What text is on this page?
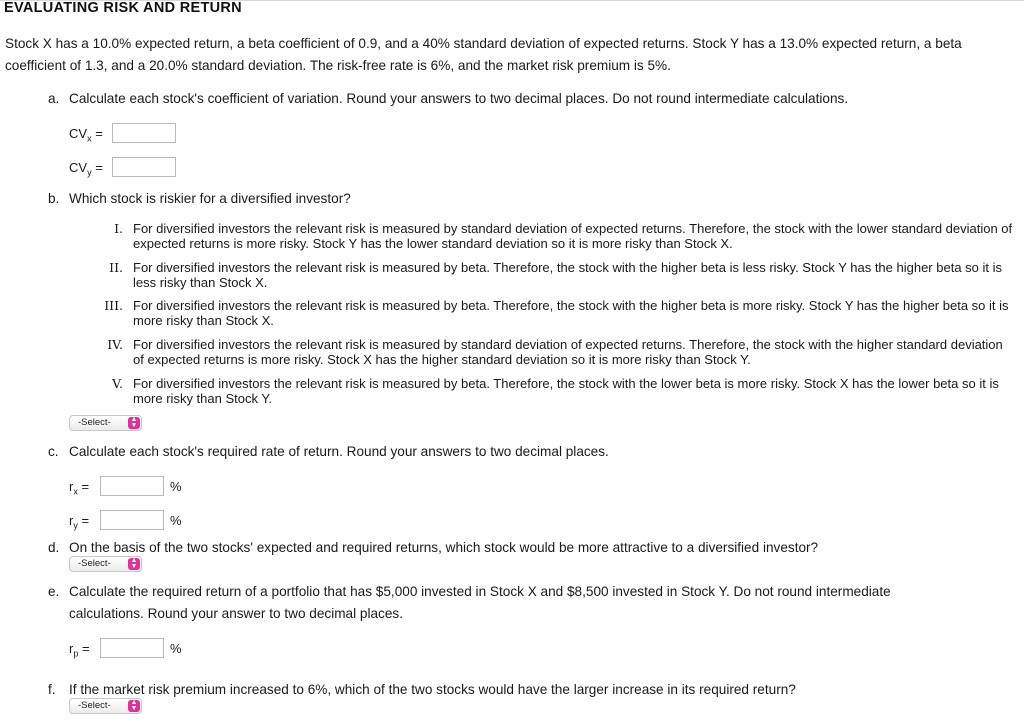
EVALUATING RISK AND RETURN
Stock X has a 10.0% expected return, a beta coefficient of 0.9, and a 40% standard deviation of expected returns. Stock Y has a 13.0% expected return, a beta coefficient of 1.3, and a 20.0% standard deviation. The risk-free rate is 6%, and the market risk premium is 5%.
a. Calculate each stock's coefficient of variation. Round your answers to two decimal places. Do not round intermediate calculations.
$CV_x$ =
$CV_y$ =
b. Which stock is riskier for a diversified investor?
I. For diversified investors the relevant risk is measured by standard deviation of expected returns. Therefore, the stock with the lower standard deviation of expected returns is more risky. Stock Y has the lower standard deviation so it is more risky than Stock X.
II. For diversified investors the relevant risk is measured by beta. Therefore, the stock with the higher beta is less risky. Stock Y has the higher beta so it is less risky than Stock X.
III. For diversified investors the relevant risk is measured by beta. Therefore, the stock with the higher beta is more risky. Stock Y has the higher beta so it is more risky than Stock X.
IV. For diversified investors the relevant risk is measured by standard deviation of expected returns. Therefore, the stock with the higher standard deviation of expected returns is more risky. Stock X has the higher standard deviation so it is more risky than Stock Y.
V. For diversified investors the relevant risk is measured by beta. Therefore, the stock with the lower beta is more risky. Stock X has the lower beta so it is more risky than Stock Y.
-Select-	▲
▼
c. Calculate each stock's required rate of return. Round your answers to two decimal places.
$r_x$ =	%
$r_y$ =	%
d. On the basis of the two stocks' expected and required returns, which stock would be more attractive to a diversified investor?
-Select-	▲
▼
e. Calculate the required return of a portfolio that has $5,000 invested in Stock X and $8,500 invested in Stock Y. Do not round intermediate
calculations. Round your answer to two decimal places.
$r_p$ =	%
f. If the market risk premium increased to 6%, which of the two stocks would have the larger increase in its required return?
-Select-	▲
▼
